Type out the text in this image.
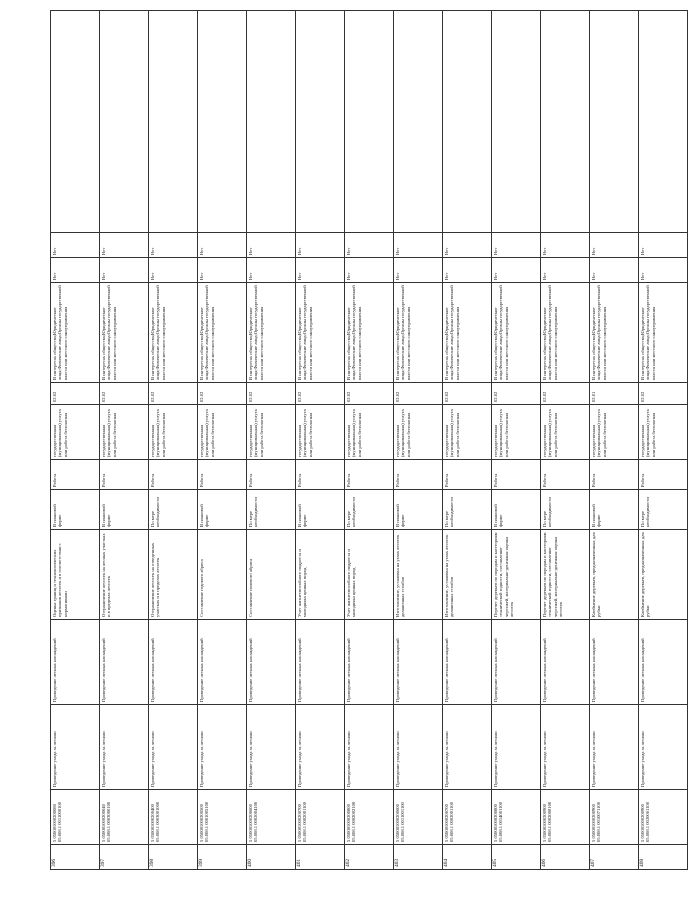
396	5 050081000200080 05.008.1 0011000100	Проведение ухода за лесами	Проведение лесных насаждений	Оценка границ и технологических признаков лесосек и в соответствии с нормативами	В плановой форме	Работа	государственная (муниципальная) услуга или работа бесплатная	02.02	В интересах общества;Юридические лица;Физические лица;Органы государственной власти или местного самоуправления	Нет	Нет	
397	5 050081000200040 05.008.1 0003000100	Проведение ухода за лесами	Проведение лесных насаждений	Отграничение лесосек на лесных участках и в пределах лесосек	В плановой форме	Работа	государственная (муниципальная) услуга или работа бесплатная	02.02	В интересах общества;Юридические лица;Физические лица;Органы государственной власти или местного самоуправления	Нет	Нет	
398	5 050081000200400 05.008.1 0003001000	Проведение ухода за лесами	Проведение лесных насаждений	Отграничение лесосек на отведенных участках и в пределах лесосек	По мере необходимости	Работа	государственная (муниципальная) услуга или работа бесплатная	02.02	В интересах общества;Юридические лица;Физические лица;Органы государственной власти или местного самоуправления	Нет	Нет	
399	5 050081000200500 05.008.1 0001005100	Проведение ухода за лесами	Проведение лесных насаждений	Составление годового абриса	В плановой форме	Работа	государственная (муниципальная) услуга или работа бесплатная	02.02	В интересах общества;Юридические лица;Физические лица;Органы государственной власти или местного самоуправления	Нет	Нет	
400	5 050081000200600 05.008.1 0002004100	Проведение ухода за лесами	Проведение лесных насаждений	Составление полевого абриса	По мере необходимости	Работа	государственная (муниципальная) услуга или работа бесплатная	02.02	В интересах общества;Юридические лица;Физические лица;Органы государственной власти или местного самоуправления	Нет	Нет	
401	5 050081000200700 05.008.1 0002001100	Проведение ухода за лесами	Проведение лесных насаждений	Учет жизнеспособного подроста и молодняка ценных пород	В плановой форме	Работа	государственная (муниципальная) услуга или работа бесплатная	02.02	В интересах общества;Юридические лица;Физические лица;Органы государственной власти или местного самоуправления	Нет	Нет	
402	5 050081000200800 05.008.1 0002002100	Проведение ухода за лесами	Проведение лесных насаждений	Учет жизнеспособного подроста и молодняка ценных пород	По мере необходимости	Работа	государственная (муниципальная) услуга или работа бесплатная	02.02	В интересах общества;Юридические лица;Физические лица;Органы государственной власти или местного самоуправления	Нет	Нет	
403	5 050081000200600 05.008.1 0011001100	Проведение ухода за лесами	Проведение лесных насаждений	Изготовление, установка на углах лесосек деляночных столбов	В плановой форме	Работа	государственная (муниципальная) услуга или работа бесплатная	02.02	В интересах общества;Юридические лица;Физические лица;Органы государственной власти или местного самоуправления	Нет	Нет	
404	5 050081000200700 05.008.1 0002001100	Проведение ухода за лесами	Проведение лесных насаждений	Изготовление, установка на углах лесосек деляночных столбов	По мере необходимости	Работа	государственная (муниципальная) услуга или работа бесплатная	02.02	В интересах общества;Юридические лица;Физические лица;Органы государственной власти или местного самоуправления	Нет	Нет	
405	5 050081000200800 05.008.1 0014001100	Проведение ухода за лесами	Проведение лесных насаждений	Перечет деревьев по породам и категориям технической годности, составление чертежей, материально-денежная оценка лесосек	В плановой форме	Работа	государственная (муниципальная) услуга или работа бесплатная	02.02	В интересах общества;Юридические лица;Физические лица;Органы государственной власти или местного самоуправления	Нет	Нет	
406	5 050081000200900 05.008.1 0002008100	Проведение ухода за лесами	Проведение лесных насаждений	Перечет деревьев по породам и категориям технической годности, составление чертежей, материально-денежная оценка лесосек	По мере необходимости	Работа	государственная (муниципальная) услуга или работа бесплатная	02.02	В интересах общества;Юридические лица;Физические лица;Органы государственной власти или местного самоуправления	Нет	Нет	
407	5 050081000200900 05.008.1 0010071100	Проведение ухода за лесами	Проведение лесных насаждений	Клеймение деревьев, предназначенных для рубки	В плановой форме	Работа	государственная (муниципальная) услуга или работа бесплатная	02.01	В интересах общества;Юридические лица;Физические лица;Органы государственной власти или местного самоуправления	Нет	Нет	
408	5 050081000200900 05.008.1 0020061100	Проведение ухода за лесами	Проведение лесных насаждений	Клеймение деревьев, предназначенных для рубки	По мере необходимости	Работа	государственная (муниципальная) услуга или работа бесплатная	02.02	В интересах общества;Юридические лица;Физические лица;Органы государственной власти или местного самоуправления	Нет	Нет	
